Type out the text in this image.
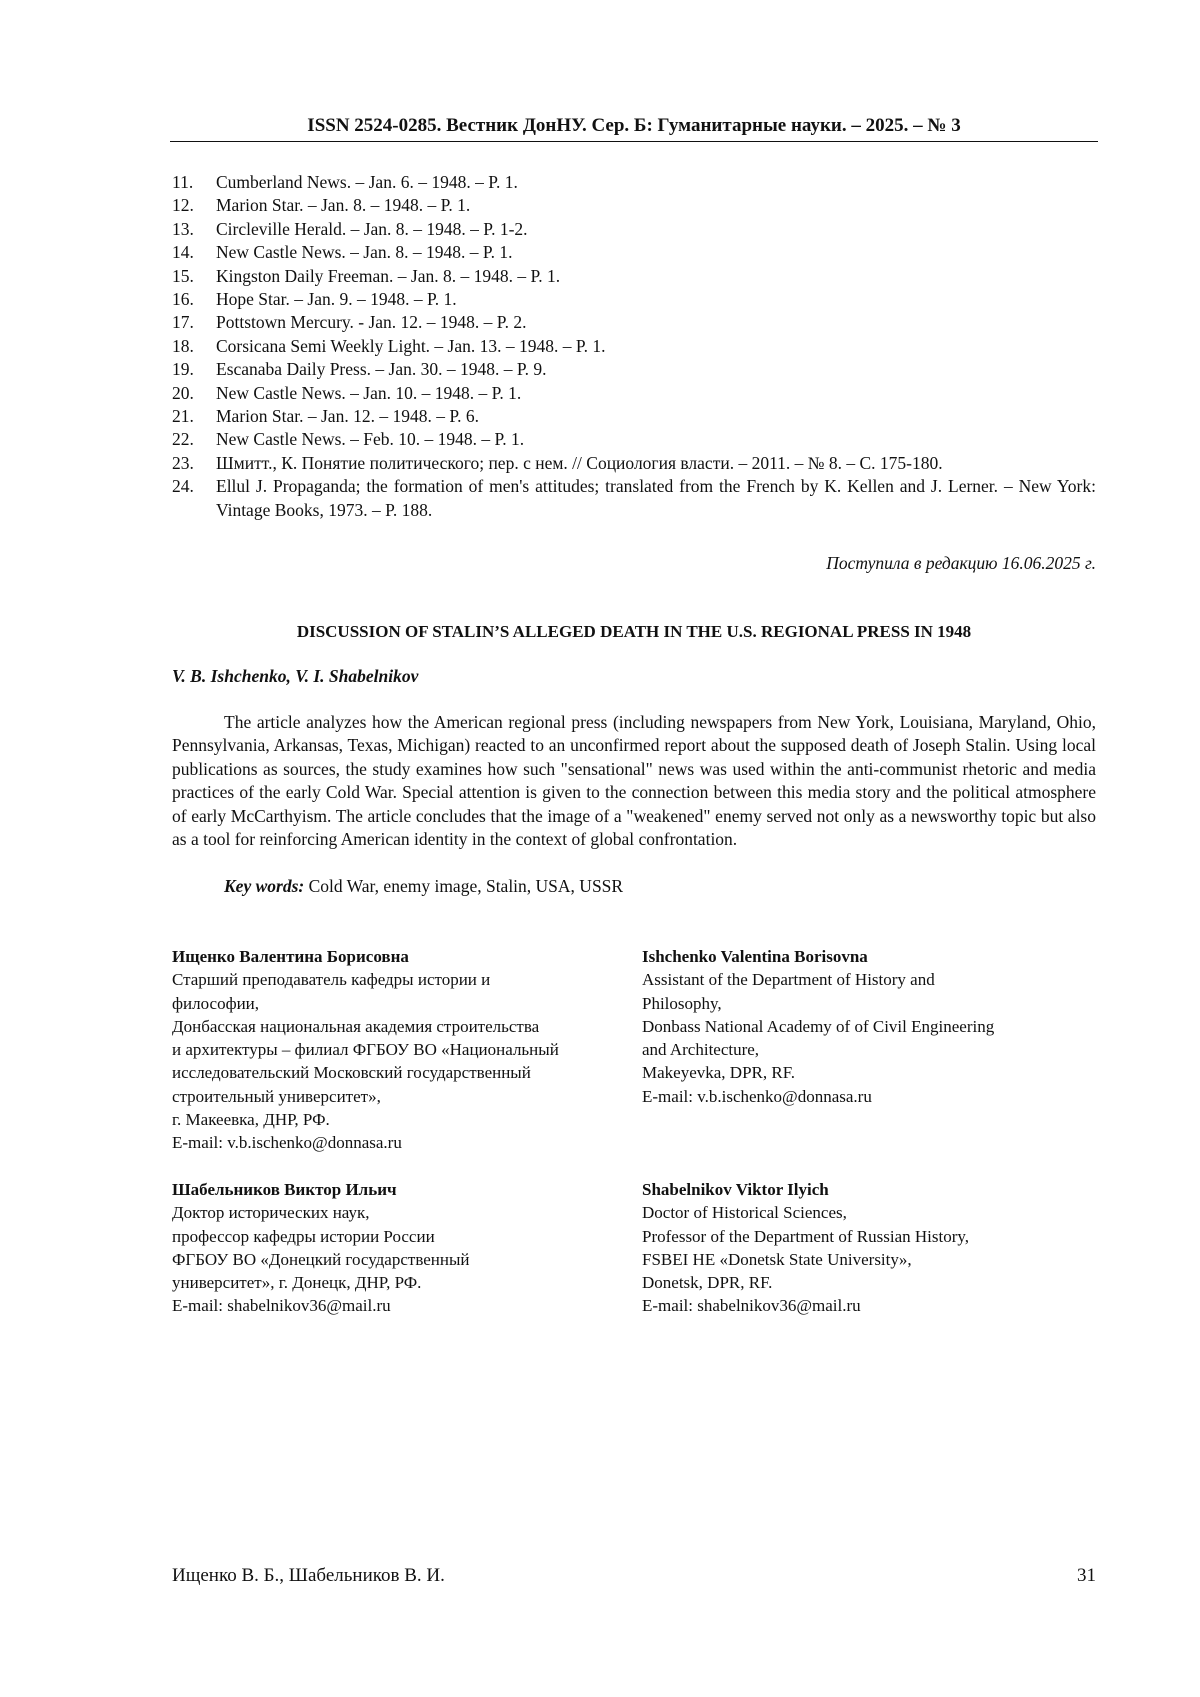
ISSN 2524-0285. Вестник ДонНУ. Сер. Б: Гуманитарные науки. – 2025. – № 3
11.	Cumberland News. – Jan. 6. – 1948. – P. 1.
12.	Marion Star. – Jan. 8. – 1948. – P. 1.
13.	Circleville Herald. – Jan. 8. – 1948. – P. 1-2.
14.	New Castle News. – Jan. 8. – 1948. – P. 1.
15.	Kingston Daily Freeman. – Jan. 8. – 1948. – P. 1.
16.	Hope Star. – Jan. 9. – 1948. – P. 1.
17.	Pottstown Mercury. - Jan. 12. – 1948. – P. 2.
18.	Corsicana Semi Weekly Light. – Jan. 13. – 1948. – P. 1.
19.	Escanaba Daily Press. – Jan. 30. – 1948. – P. 9.
20.	New Castle News. – Jan. 10. – 1948. – P. 1.
21.	Marion Star. – Jan. 12. – 1948. – P. 6.
22.	New Castle News. – Feb. 10. – 1948. – P. 1.
23.	Шмитт., К. Понятие политического; пер. с нем. // Социология власти. – 2011. – № 8. – С. 175-180.
24.	Ellul J. Propaganda; the formation of men's attitudes; translated from the French by K. Kellen and J. Lerner. – New York: Vintage Books, 1973. – P. 188.
Поступила в редакцию 16.06.2025 г.
DISCUSSION OF STALIN’S ALLEGED DEATH IN THE U.S. REGIONAL PRESS IN 1948
V. B. Ishchenko, V. I. Shabelnikov

The article analyzes how the American regional press (including newspapers from New York, Louisiana, Maryland, Ohio, Pennsylvania, Arkansas, Texas, Michigan) reacted to an unconfirmed report about the supposed death of Joseph Stalin. Using local publications as sources, the study examines how such "sensational" news was used within the anti-communist rhetoric and media practices of the early Cold War. Special attention is given to the connection between this media story and the political atmosphere of early McCarthyism. The article concludes that the image of a "weakened" enemy served not only as a newsworthy topic but also as a tool for reinforcing American identity in the context of global confrontation.

Key words: Cold War, enemy image, Stalin, USA, USSR
Ищенко Валентина Борисовна
Старший преподаватель кафедры истории и
философии,
Донбасская национальная академия строительства
и архитектуры – филиал ФГБОУ ВО «Национальный
исследовательский Московский государственный
строительный университет»,
г. Макеевка, ДНР, РФ.
E-mail: v.b.ischenko@donnasa.ru
Ishchenko Valentina Borisovna
Assistant of the Department of History and
Philosophy,
Donbass National Academy of of Civil Engineering
and Architecture,
Makeyevka, DPR, RF.
E-mail: v.b.ischenko@donnasa.ru
Шабельников Виктор Ильич
Доктор исторических наук,
профессор кафедры истории России
ФГБОУ ВО «Донецкий государственный
университет», г. Донецк, ДНР, РФ.
E-mail: shabelnikov36@mail.ru
Shabelnikov Viktor Ilyich
Doctor of Historical Sciences,
Professor of the Department of Russian History,
FSBEI HE «Donetsk State University»,
Donetsk, DPR, RF.
E-mail: shabelnikov36@mail.ru
Ищенко В. Б., Шабельников В. И.	31
